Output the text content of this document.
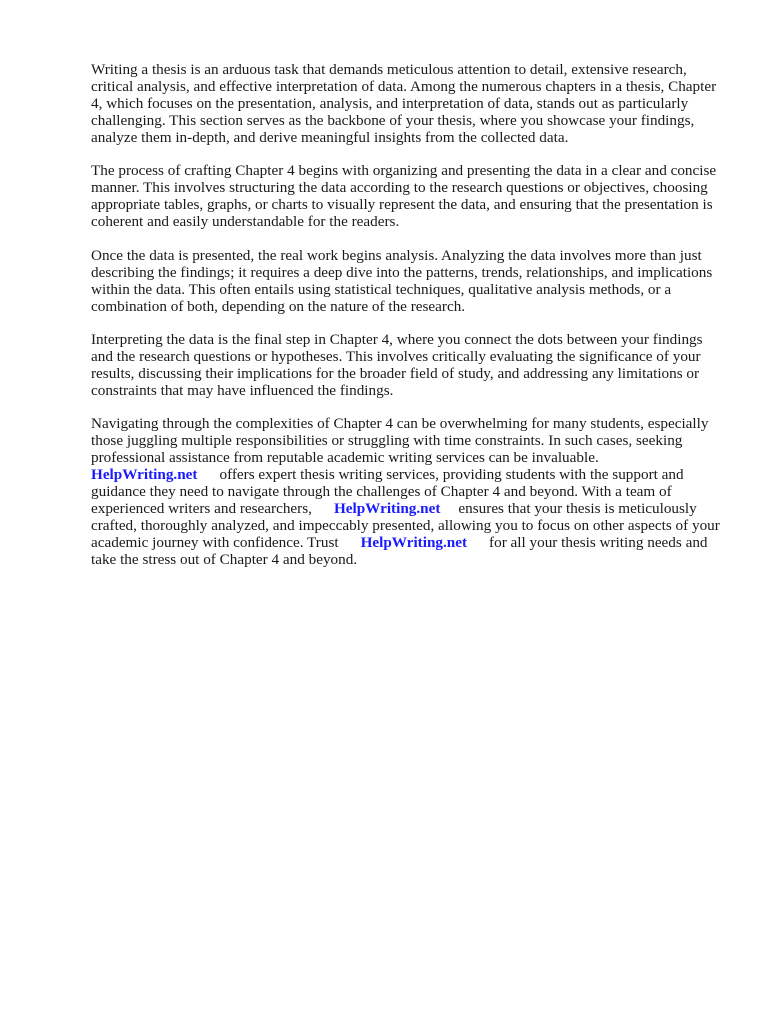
Writing a thesis is an arduous task that demands meticulous attention to detail, extensive research, critical analysis, and effective interpretation of data. Among the numerous chapters in a thesis, Chapter 4, which focuses on the presentation, analysis, and interpretation of data, stands out as particularly challenging. This section serves as the backbone of your thesis, where you showcase your findings, analyze them in-depth, and derive meaningful insights from the collected data.

The process of crafting Chapter 4 begins with organizing and presenting the data in a clear and concise manner. This involves structuring the data according to the research questions or objectives, choosing appropriate tables, graphs, or charts to visually represent the data, and ensuring that the presentation is coherent and easily understandable for the readers.

Once the data is presented, the real work begins analysis. Analyzing the data involves more than just describing the findings; it requires a deep dive into the patterns, trends, relationships, and implications within the data. This often entails using statistical techniques, qualitative analysis methods, or a combination of both, depending on the nature of the research.

Interpreting the data is the final step in Chapter 4, where you connect the dots between your findings and the research questions or hypotheses. This involves critically evaluating the significance of your results, discussing their implications for the broader field of study, and addressing any limitations or constraints that may have influenced the findings.

Navigating through the complexities of Chapter 4 can be overwhelming for many students, especially those juggling multiple responsibilities or struggling with time constraints. In such cases, seeking professional assistance from reputable academic writing services can be invaluable.
HelpWriting.net offers expert thesis writing services, providing students with the support and guidance they need to navigate through the challenges of Chapter 4 and beyond. With a team of experienced writers and researchers, HelpWriting.net ensures that your thesis is meticulously crafted, thoroughly analyzed, and impeccably presented, allowing you to focus on other aspects of your academic journey with confidence. Trust HelpWriting.net for all your thesis writing needs and take the stress out of Chapter 4 and beyond.
